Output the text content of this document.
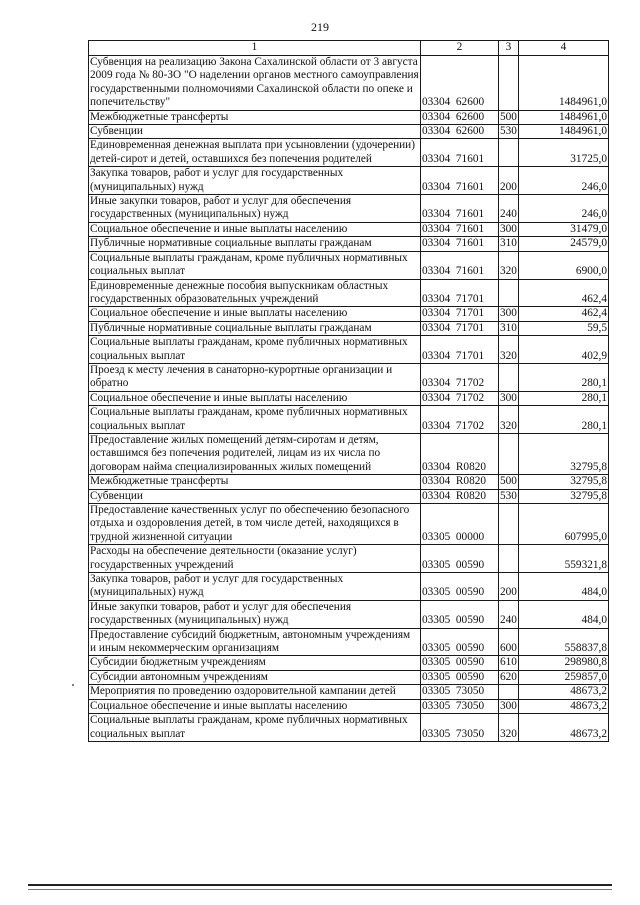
219
1	2	3	4
Субвенция на реализацию Закона Сахалинской области от 3 августа 2009 года № 80-ЗО "О наделении органов местного самоуправления государственными полномочиями Сахалинской области по опеке и попечительству"	03304  62600		1484961,0
Межбюджетные трансферты	03304  62600	500	1484961,0
Субвенции	03304  62600	530	1484961,0
Единовременная денежная выплата при усыновлении (удочерении) детей-сирот и детей, оставшихся без попечения родителей	03304  71601		31725,0
Закупка товаров, работ и услуг для государственных (муниципальных) нужд	03304  71601	200	246,0
Иные закупки товаров, работ и услуг для обеспечения государственных (муниципальных) нужд	03304  71601	240	246,0
Социальное обеспечение и иные выплаты населению	03304  71601	300	31479,0
Публичные нормативные социальные выплаты гражданам	03304  71601	310	24579,0
Социальные выплаты гражданам, кроме публичных нормативных социальных выплат	03304  71601	320	6900,0
Единовременные денежные пособия выпускникам областных государственных образовательных учреждений	03304  71701		462,4
Социальное обеспечение и иные выплаты населению	03304  71701	300	462,4
Публичные нормативные социальные выплаты гражданам	03304  71701	310	59,5
Социальные выплаты гражданам, кроме публичных нормативных социальных выплат	03304  71701	320	402,9
Проезд к месту лечения в санаторно-курортные организации и обратно	03304  71702		280,1
Социальное обеспечение и иные выплаты населению	03304  71702	300	280,1
Социальные выплаты гражданам, кроме публичных нормативных социальных выплат	03304  71702	320	280,1
Предоставление жилых помещений детям-сиротам и детям, оставшимся без попечения родителей, лицам из их числа по договорам найма специализированных жилых помещений	03304  R0820		32795,8
Межбюджетные трансферты	03304  R0820	500	32795,8
Субвенции	03304  R0820	530	32795,8
Предоставление качественных услуг по обеспечению безопасного отдыха и оздоровления детей, в том числе детей, находящихся в трудной жизненной ситуации	03305  00000		607995,0
Расходы на обеспечение деятельности (оказание услуг) государственных учреждений	03305  00590		559321,8
Закупка товаров, работ и услуг для государственных (муниципальных) нужд	03305  00590	200	484,0
Иные закупки товаров, работ и услуг для обеспечения государственных (муниципальных) нужд	03305  00590	240	484,0
Предоставление субсидий бюджетным, автономным учреждениям и иным некоммерческим организациям	03305  00590	600	558837,8
Субсидии бюджетным учреждениям	03305  00590	610	298980,8
Субсидии автономным учреждениям	03305  00590	620	259857,0
Мероприятия по проведению оздоровительной кампании детей	03305  73050		48673,2
Социальное обеспечение и иные выплаты населению	03305  73050	300	48673,2
Социальные выплаты гражданам, кроме публичных нормативных социальных выплат	03305  73050	320	48673,2
